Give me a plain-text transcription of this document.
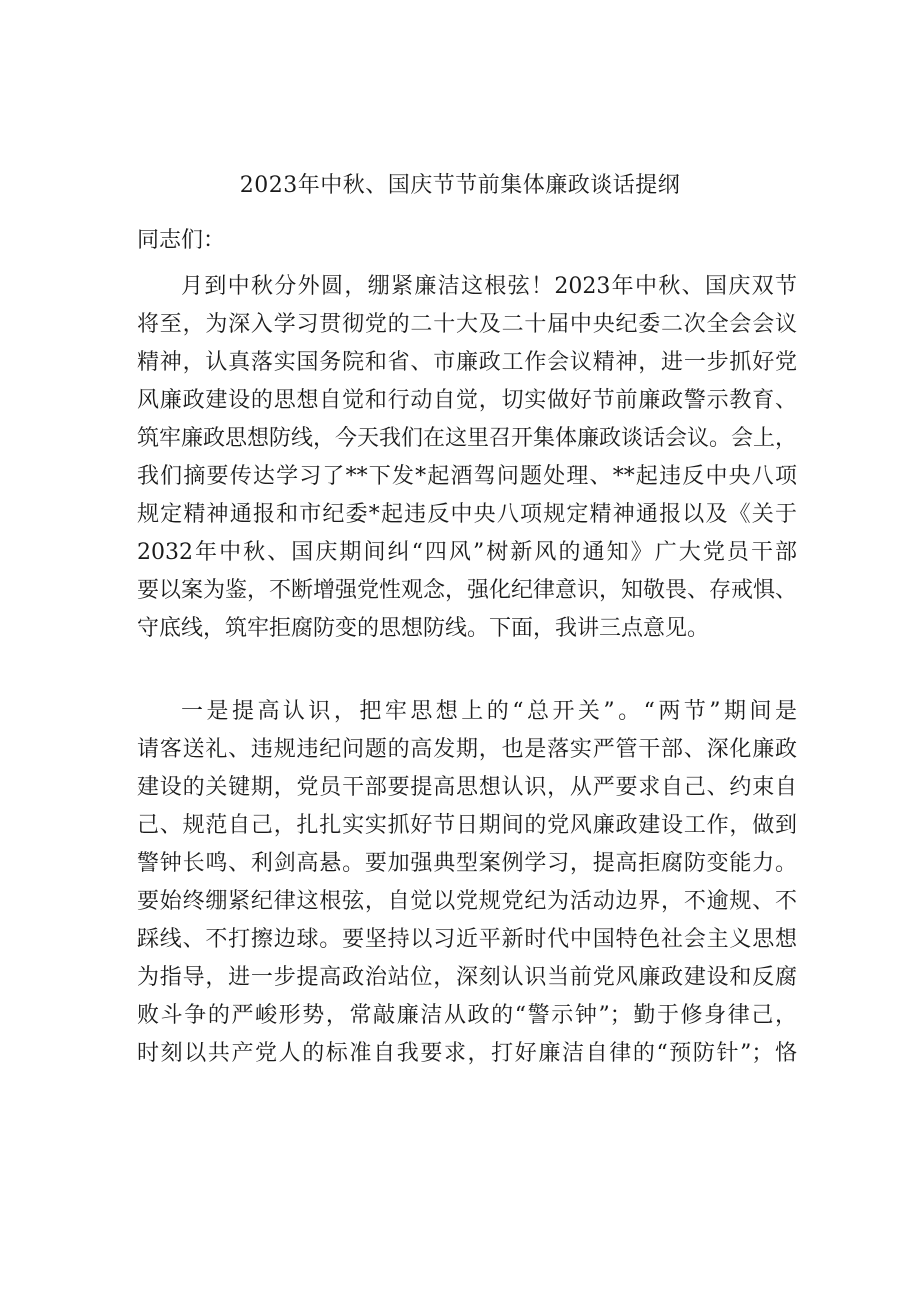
2023年中秋、国庆节节前集体廉政谈话提纲

同志们：

月到中秋分外圆，绷紧廉洁这根弦！2023年中秋、国庆双节
将至，为深入学习贯彻党的二十大及二十届中央纪委二次全会会议
精神，认真落实国务院和省、市廉政工作会议精神，进一步抓好党
风廉政建设的思想自觉和行动自觉，切实做好节前廉政警示教育、
筑牢廉政思想防线，今天我们在这里召开集体廉政谈话会议。会上，
我们摘要传达学习了**下发*起酒驾问题处理、**起违反中央八项
规定精神通报和市纪委*起违反中央八项规定精神通报以及《关于
2032年中秋、国庆期间纠“四风”树新风的通知》广大党员干部
要以案为鉴，不断增强党性观念，强化纪律意识，知敬畏、存戒惧、
守底线，筑牢拒腐防变的思想防线。下面，我讲三点意见。
一是提高认识，把牢思想上的“总开关”。“两节”期间是
请客送礼、违规违纪问题的高发期，也是落实严管干部、深化廉政
建设的关键期，党员干部要提高思想认识，从严要求自己、约束自
己、规范自己，扎扎实实抓好节日期间的党风廉政建设工作，做到
警钟长鸣、利剑高悬。要加强典型案例学习，提高拒腐防变能力。
要始终绷紧纪律这根弦，自觉以党规党纪为活动边界，不逾规、不
踩线、不打擦边球。要坚持以习近平新时代中国特色社会主义思想
为指导，进一步提高政治站位，深刻认识当前党风廉政建设和反腐
败斗争的严峻形势，常敲廉洁从政的“警示钟”；勤于修身律己，
时刻以共产党人的标准自我要求，打好廉洁自律的“预防针”；恪
